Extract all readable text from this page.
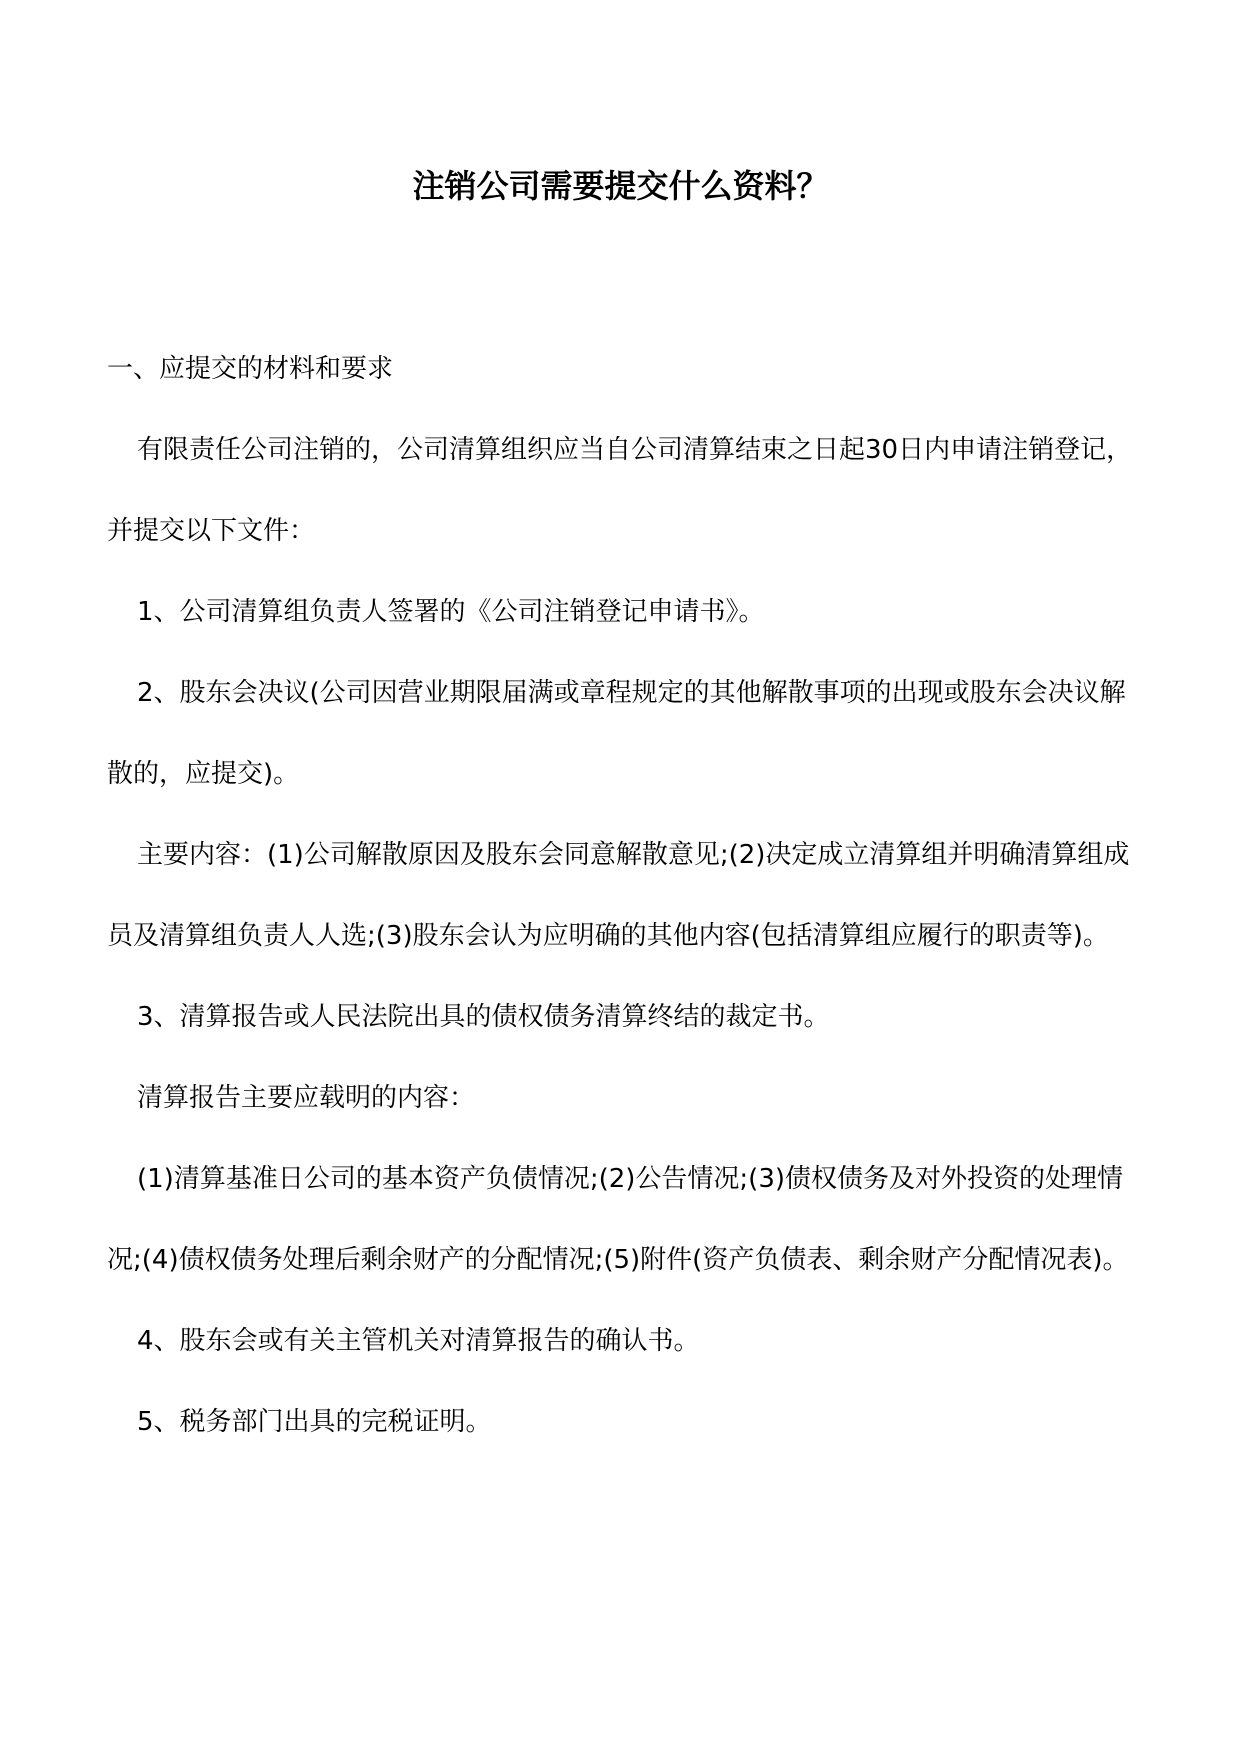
注销公司需要提交什么资料？
一、应提交的材料和要求

有限责任公司注销的，公司清算组织应当自公司清算结束之日起30日内申请注销登记，并提交以下文件：

1、公司清算组负责人签署的《公司注销登记申请书》。

2、股东会决议(公司因营业期限届满或章程规定的其他解散事项的出现或股东会决议解散的，应提交)。

主要内容：(1)公司解散原因及股东会同意解散意见;(2)决定成立清算组并明确清算组成员及清算组负责人人选;(3)股东会认为应明确的其他内容(包括清算组应履行的职责等)。

3、清算报告或人民法院出具的债权债务清算终结的裁定书。

清算报告主要应载明的内容：

(1)清算基准日公司的基本资产负债情况;(2)公告情况;(3)债权债务及对外投资的处理情况;(4)债权债务处理后剩余财产的分配情况;(5)附件(资产负债表、剩余财产分配情况表)。

4、股东会或有关主管机关对清算报告的确认书。

5、税务部门出具的完税证明。
